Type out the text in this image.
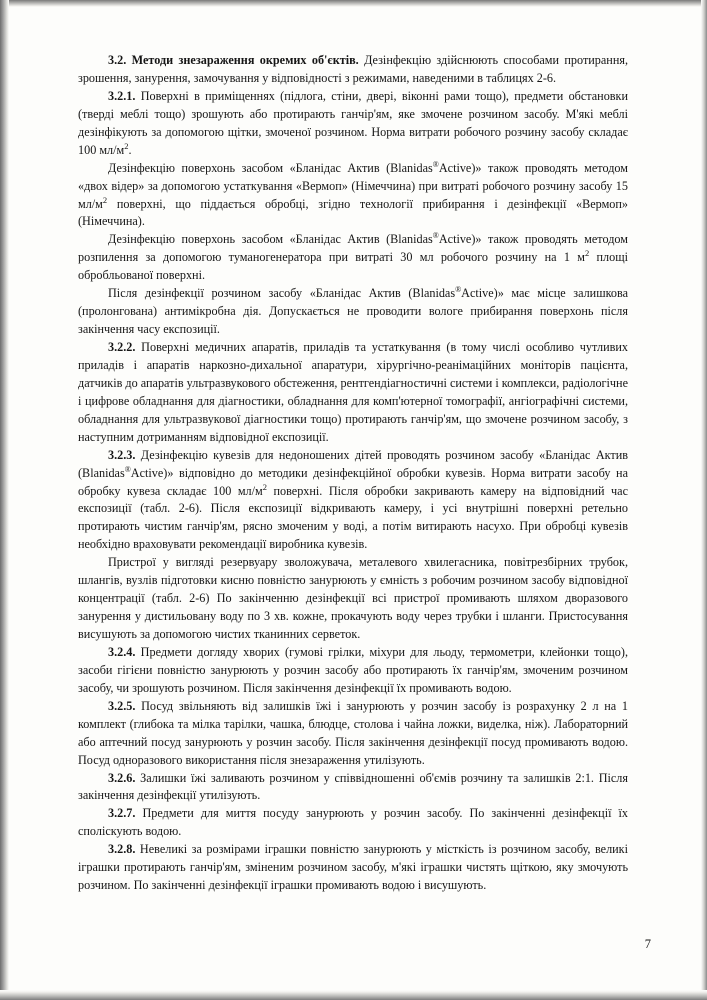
3.2. Методи знезараження окремих об'єктів. Дезінфекцію здійснюють способами протирання, зрошення, занурення, замочування у відповідності з режимами, наведеними в таблицях 2-6.

3.2.1. Поверхні в приміщеннях (підлога, стіни, двері, віконні рами тощо), предмети обстановки (тверді меблі тощо) зрошують або протирають ганчір'ям, яке змочене розчином засобу. М'які меблі дезінфікують за допомогою щітки, змоченої розчином. Норма витрати робочого розчину засобу складає 100 $мл/м^2$.

Дезінфекцію поверхонь засобом «Бланідас Актив (Blanidas®Active)» також проводять методом «двох відер» за допомогою устаткування «Вермоп» (Німеччина) при витраті робочого розчину засобу 15 $мл/м^2$ поверхні, що піддається обробці, згідно технології прибирання і дезінфекції «Вермоп» (Німеччина).

Дезінфекцію поверхонь засобом «Бланідас Актив (Blanidas®Active)» також проводять методом розпилення за допомогою туманогенератора при витраті 30 мл робочого розчину на 1 $м^2$ площі обробльованої поверхні.

Після дезінфекції розчином засобу «Бланідас Актив (Blanidas®Active)» має місце залишкова (пролонгована) антимікробна дія. Допускається не проводити вологе прибирання поверхонь після закінчення часу експозиції.

3.2.2. Поверхні медичних апаратів, приладів та устаткування (в тому числі особливо чутливих приладів і апаратів наркозно-дихальної апаратури, хірургічно-реанімаційних моніторів пацієнта, датчиків до апаратів ультразвукового обстеження, рентгендіагностичні системи і комплекси, радіологічне і цифрове обладнання для діагностики, обладнання для комп'ютерної томографії, ангіографічні системи, обладнання для ультразвукової діагностики тощо) протирають ганчір'ям, що змочене розчином засобу, з наступним дотриманням відповідної експозиції.

3.2.3. Дезінфекцію кувезів для недоношених дітей проводять розчином засобу «Бланідас Актив (Blanidas®Active)» відповідно до методики дезінфекційної обробки кувезів. Норма витрати засобу на обробку кувеза складає 100 $мл/м^2$ поверхні. Після обробки закривають камеру на відповідний час експозиції (табл. 2-6). Після експозиції відкривають камеру, і усі внутрішні поверхні ретельно протирають чистим ганчір'ям, рясно змоченим у воді, а потім витирають насухо. При обробці кувезів необхідно враховувати рекомендації виробника кувезів.

Пристрої у вигляді резервуару зволожувача, металевого хвилегасника, повітрезбірних трубок, шлангів, вузлів підготовки кисню повністю занурюють у ємність з робочим розчином засобу відповідної концентрації (табл. 2-6) По закінченню дезінфекції всі пристрої промивають шляхом дворазового занурення у дистильовану воду по 3 хв. кожне, прокачують воду через трубки і шланги. Пристосування висушують за допомогою чистих тканинних серветок.

3.2.4. Предмети догляду хворих (гумові грілки, міхури для льоду, термометри, клейонки тощо), засоби гігієни повністю занурюють у розчин засобу або протирають їх ганчір'ям, змоченим розчином засобу, чи зрошують розчином. Після закінчення дезінфекції їх промивають водою.

3.2.5. Посуд звільняють від залишків їжі і занурюють у розчин засобу із розрахунку 2 л на 1 комплект (глибока та мілка тарілки, чашка, блюдце, столова і чайна ложки, виделка, ніж). Лабораторний або аптечний посуд занурюють у розчин засобу. Після закінчення дезінфекції посуд промивають водою. Посуд одноразового використання після знезараження утилізують.

3.2.6. Залишки їжі заливають розчином у співвідношенні об'ємів розчину та залишків 2:1. Після закінчення дезінфекції утилізують.

3.2.7. Предмети для миття посуду занурюють у розчин засобу. По закінченні дезінфекції їх споліскують водою.

3.2.8. Невеликі за розмірами іграшки повністю занурюють у місткість із розчином засобу, великі іграшки протирають ганчір'ям, зміненим розчином засобу, м'які іграшки чистять щіткою, яку змочують розчином. По закінченні дезінфекції іграшки промивають водою і висушують.

7
